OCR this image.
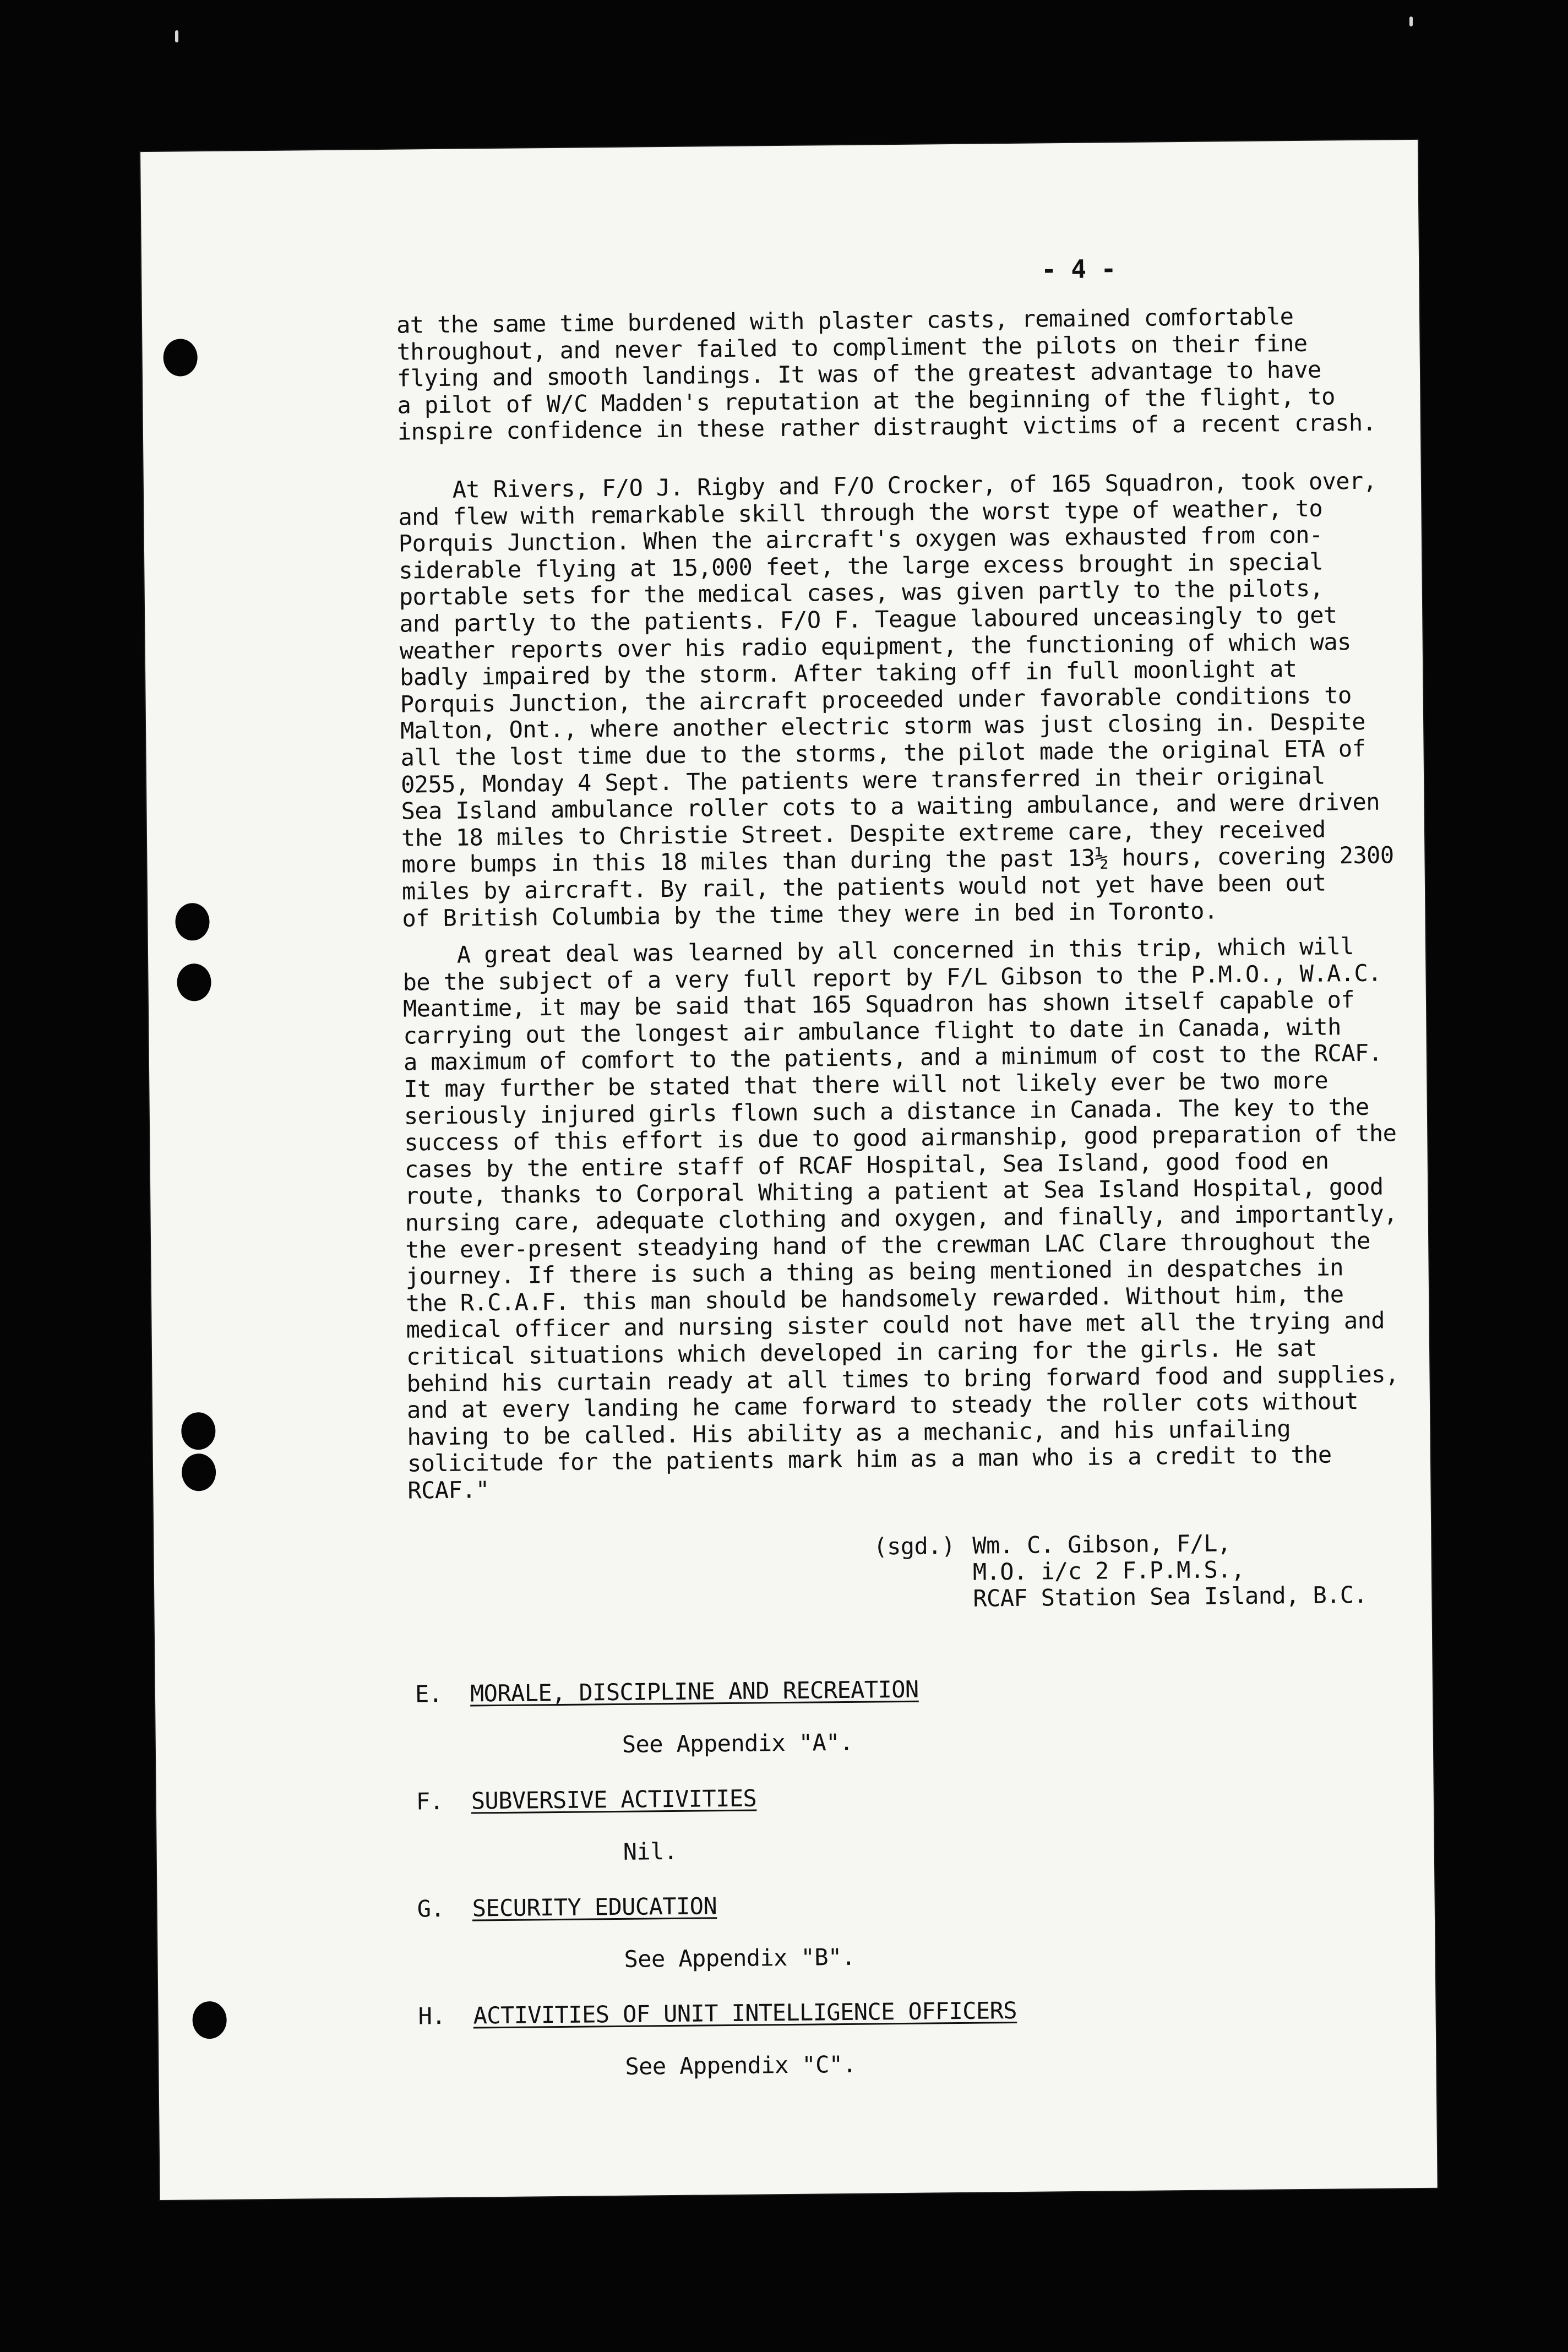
- 4 -
at the same time burdened with plaster casts, remained comfortable
throughout, and never failed to compliment the pilots on their fine
flying and smooth landings. It was of the greatest advantage to have
a pilot of W/C Madden's reputation at the beginning of the flight, to
inspire confidence in these rather distraught victims of a recent crash.
At Rivers, F/O J. Rigby and F/O Crocker, of 165 Squadron, took over,
and flew with remarkable skill through the worst type of weather, to
Porquis Junction. When the aircraft's oxygen was exhausted from con-
siderable flying at 15,000 feet, the large excess brought in special
portable sets for the medical cases, was given partly to the pilots,
and partly to the patients. F/O F. Teague laboured unceasingly to get
weather reports over his radio equipment, the functioning of which was
badly impaired by the storm. After taking off in full moonlight at
Porquis Junction, the aircraft proceeded under favorable conditions to
Malton, Ont., where another electric storm was just closing in. Despite
all the lost time due to the storms, the pilot made the original ETA of
0255, Monday 4 Sept. The patients were transferred in their original
Sea Island ambulance roller cots to a waiting ambulance, and were driven
the 18 miles to Christie Street. Despite extreme care, they received
more bumps in this 18 miles than during the past 13½ hours, covering 2300
miles by aircraft. By rail, the patients would not yet have been out
of British Columbia by the time they were in bed in Toronto.
A great deal was learned by all concerned in this trip, which will
be the subject of a very full report by F/L Gibson to the P.M.O., W.A.C.
Meantime, it may be said that 165 Squadron has shown itself capable of
carrying out the longest air ambulance flight to date in Canada, with
a maximum of comfort to the patients, and a minimum of cost to the RCAF.
It may further be stated that there will not likely ever be two more
seriously injured girls flown such a distance in Canada. The key to the
success of this effort is due to good airmanship, good preparation of the
cases by the entire staff of RCAF Hospital, Sea Island, good food en
route, thanks to Corporal Whiting a patient at Sea Island Hospital, good
nursing care, adequate clothing and oxygen, and finally, and importantly,
the ever-present steadying hand of the crewman LAC Clare throughout the
journey. If there is such a thing as being mentioned in despatches in
the R.C.A.F. this man should be handsomely rewarded. Without him, the
medical officer and nursing sister could not have met all the trying and
critical situations which developed in caring for the girls. He sat
behind his curtain ready at all times to bring forward food and supplies,
and at every landing he came forward to steady the roller cots without
having to be called. His ability as a mechanic, and his unfailing
solicitude for the patients mark him as a man who is a credit to the
RCAF."
(sgd.) Wm. C. Gibson, F/L,
M.O. i/c 2 F.P.M.S.,
RCAF Station Sea Island, B.C.
E. MORALE, DISCIPLINE AND RECREATION
See Appendix "A".
F. SUBVERSIVE ACTIVITIES
Nil.
G. SECURITY EDUCATION
See Appendix "B".
H. ACTIVITIES OF UNIT INTELLIGENCE OFFICERS
See Appendix "C".
